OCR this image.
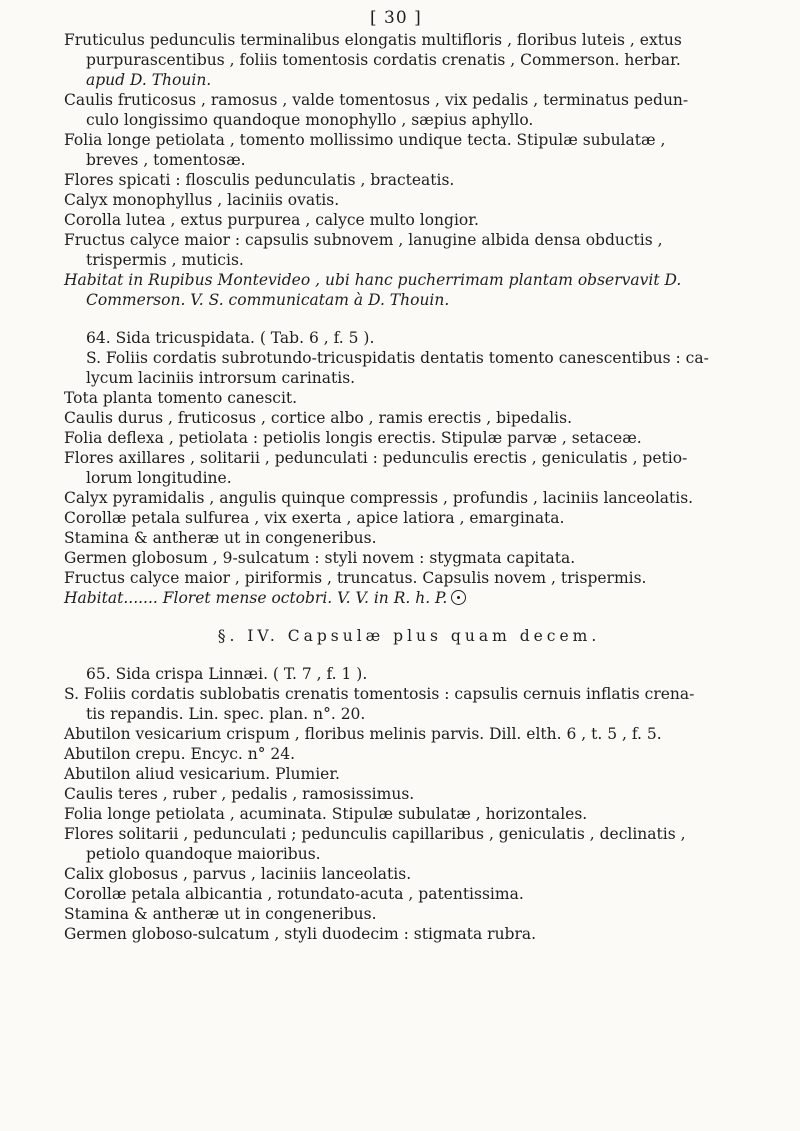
[ 30 ]
Fruticulus pedunculis terminalibus elongatis multifloris , floribus luteis , extus
purpurascentibus , foliis tomentosis cordatis crenatis , Commerson. herbar.
apud D. Thouin.
Caulis fruticosus , ramosus , valde tomentosus , vix pedalis , terminatus pedun-
culo longissimo quandoque monophyllo , sæpius aphyllo.
Folia longe petiolata , tomento mollissimo undique tecta. Stipulæ subulatæ ,
breves , tomentosæ.
Flores spicati : flosculis pedunculatis , bracteatis.
Calyx monophyllus , laciniis ovatis.
Corolla lutea , extus purpurea , calyce multo longior.
Fructus calyce maior : capsulis subnovem , lanugine albida densa obductis ,
trispermis , muticis.
Habitat in Rupibus Montevideo , ubi hanc pucherrimam plantam observavit D.
Commerson. V. S. communicatam à D. Thouin.
64. Sida tricuspidata. ( Tab. 6 , f. 5 ).
S. Foliis cordatis subrotundo-tricuspidatis dentatis tomento canescentibus : ca-
lycum laciniis introrsum carinatis.
Tota planta tomento canescit.
Caulis durus , fruticosus , cortice albo , ramis erectis , bipedalis.
Folia deflexa , petiolata : petiolis longis erectis. Stipulæ parvæ , setaceæ.
Flores axillares , solitarii , pedunculati : pedunculis erectis , geniculatis , petio-
lorum longitudine.
Calyx pyramidalis , angulis quinque compressis , profundis , laciniis lanceolatis.
Corollæ petala sulfurea , vix exerta , apice latiora , emarginata.
Stamina & antheræ ut in congeneribus.
Germen globosum , 9-sulcatum : styli novem : stygmata capitata.
Fructus calyce maior , piriformis , truncatus. Capsulis novem , trispermis.
Habitat....... Floret mense octobri. V. V. in R. h. P.
§. IV. Capsulæ plus quam decem.
65. Sida crispa Linnæi. ( T. 7 , f. 1 ).
S. Foliis cordatis sublobatis crenatis tomentosis : capsulis cernuis inflatis crena-
tis repandis. Lin. spec. plan. n°. 20.
Abutilon vesicarium crispum , floribus melinis parvis. Dill. elth. 6 , t. 5 , f. 5.
Abutilon crepu. Encyc. n° 24.
Abutilon aliud vesicarium. Plumier.
Caulis teres , ruber , pedalis , ramosissimus.
Folia longe petiolata , acuminata. Stipulæ subulatæ , horizontales.
Flores solitarii , pedunculati ; pedunculis capillaribus , geniculatis , declinatis ,
petiolo quandoque maioribus.
Calix globosus , parvus , laciniis lanceolatis.
Corollæ petala albicantia , rotundato-acuta , patentissima.
Stamina & antheræ ut in congeneribus.
Germen globoso-sulcatum , styli duodecim : stigmata rubra.
